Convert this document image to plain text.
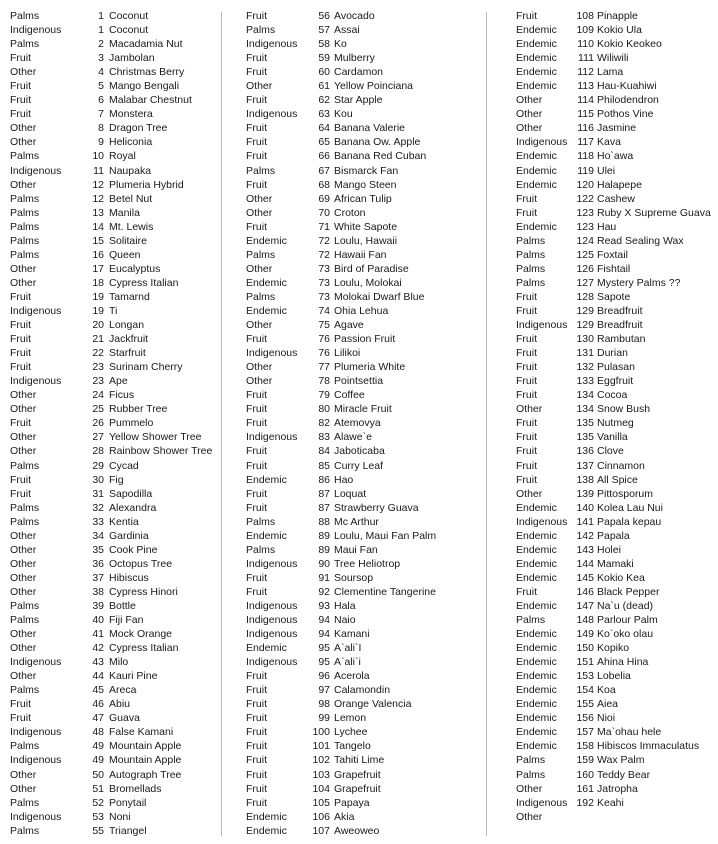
Palms	1 Coconut
Indigenous	1 Coconut
Palms	2 Macadamia Nut
Fruit	3 Jambolan
Other	4 Christmas Berry
Fruit	5 Mango Bengali
Fruit	6 Malabar Chestnut
Fruit	7 Monstera
Other	8 Dragon Tree
Other	9 Heliconia
Palms	10 Royal
Indigenous	11 Naupaka
Other	12 Plumeria Hybrid
Palms	12 Betel Nut
Palms	13 Manila
Palms	14 Mt. Lewis
Palms	15 Solitaire
Palms	16 Queen
Other	17 Eucalyptus
Other	18 Cypress Italian
Fruit	19 Tamarnd
Indigenous	19 Ti
Fruit	20 Longan
Fruit	21 Jackfruit
Fruit	22 Starfruit
Fruit	23 Surinam Cherry
Indigenous	23 Ape
Other	24 Ficus
Other	25 Rubber Tree
Fruit	26 Pummelo
Other	27 Yellow Shower Tree
Other	28 Rainbow Shower Tree
Palms	29 Cycad
Fruit	30 Fig
Fruit	31 Sapodilla
Palms	32 Alexandra
Palms	33 Kentia
Other	34 Gardinia
Other	35 Cook Pine
Other	36 Octopus Tree
Other	37 Hibiscus
Other	38 Cypress Hinori
Palms	39 Bottle
Palms	40 Fiji Fan
Other	41 Mock Orange
Other	42 Cypress Italian
Indigenous	43 Milo
Other	44 Kauri Pine
Palms	45 Areca
Fruit	46 Abiu
Fruit	47 Guava
Indigenous	48 False Kamani
Palms	49 Mountain Apple
Indigenous	49 Mountain Apple
Other	50 Autograph Tree
Other	51 Bromellads
Palms	52 Ponytail
Indigenous	53 Noni
Palms	55 Triangel
Fruit	56 Avocado
Palms	57 Assai
Indigenous	58 Ko
Fruit	59 Mulberry
Fruit	60 Cardamon
Other	61 Yellow Poinciana
Fruit	62 Star Apple
Indigenous	63 Kou
Fruit	64 Banana Valerie
Fruit	65 Banana Ow. Apple
Fruit	66 Banana Red Cuban
Palms	67 Bismarck Fan
Fruit	68 Mango Steen
Other	69 African Tulip
Other	70 Croton
Fruit	71 White Sapote
Endemic	72 Loulu, Hawaii
Palms	72 Hawaii Fan
Other	73 Bird of Paradise
Endemic	73 Loulu, Molokai
Palms	73 Molokai Dwarf Blue
Endemic	74 Ohia Lehua
Other	75 Agave
Fruit	76 Passion Fruit
Indigenous	76 Lilikoi
Other	77 Plumeria White
Other	78 Pointsettia
Fruit	79 Coffee
Fruit	80 Miracle Fruit
Fruit	82 Atemovya
Indigenous	83 Alawe`e
Fruit	84 Jaboticaba
Fruit	85 Curry Leaf
Endemic	86 Hao
Fruit	87 Loquat
Fruit	87 Strawberry Guava
Palms	88 Mc Arthur
Endemic	89 Loulu, Maui Fan Palm
Palms	89 Maui Fan
Indigenous	90 Tree Heliotrop
Fruit	91 Soursop
Fruit	92 Clementine Tangerine
Indigenous	93 Hala
Indigenous	94 Naio
Indigenous	94 Kamani
Endemic	95 A`ali`I
Indigenous	95 A`ali`i
Fruit	96 Acerola
Fruit	97 Calamondin
Fruit	98 Orange Valencia
Fruit	99 Lemon
Fruit	100 Lychee
Fruit	101 Tangelo
Fruit	102 Tahiti Lime
Fruit	103 Grapefruit
Fruit	104 Grapefruit
Fruit	105 Papaya
Endemic	106 Akia
Endemic	107 Aweoweo
Fruit	108 Pinapple
Endemic	109 Kokio Ula
Endemic	110 Kokio Keokeo
Endemic	111 Wiliwili
Endemic	112 Lama
Endemic	113 Hau-Kuahiwi
Other	114 Philodendron
Other	115 Pothos Vine
Other	116 Jasmine
Indigenous 117 Kava
Endemic	118 Ho`awa
Endemic	119 Ulei
Endemic	120 Halapepe
Fruit	122 Cashew
Fruit	123 Ruby X Supreme Guava
Endemic	123 Hau
Palms	124 Read Sealing Wax
Palms	125 Foxtail
Palms	126 Fishtail
Palms	127 Mystery Palms ??
Fruit	128 Sapote
Fruit	129 Breadfruit
Indigenous 129 Breadfruit
Fruit	130 Rambutan
Fruit	131 Durian
Fruit	132 Pulasan
Fruit	133 Eggfruit
Fruit	134 Cocoa
Other	134 Snow Bush
Fruit	135 Nutmeg
Fruit	135 Vanilla
Fruit	136 Clove
Fruit	137 Cinnamon
Fruit	138 All Spice
Other	139 Pittosporum
Endemic	140 Kolea Lau Nui
Indigenous 141 Papala kepau
Endemic	142 Papala
Endemic	143 Holei
Endemic	144 Mamaki
Endemic	145 Kokio Kea
Fruit	146 Black Pepper
Endemic	147 Na`u (dead)
Palms	148 Parlour Palm
Endemic	149 Ko`oko olau
Endemic	150 Kopiko
Endemic	151 Ahina Hina
Endemic	153 Lobelia
Endemic	154 Koa
Endemic	155 Aiea
Endemic	156 Nioi
Endemic	157 Ma`ohau hele
Endemic	158 Hibiscos Immaculatus
Palms	159 Wax Palm
Palms	160 Teddy Bear
Other	161 Jatropha
Indigenous 192 Keahi
Other
